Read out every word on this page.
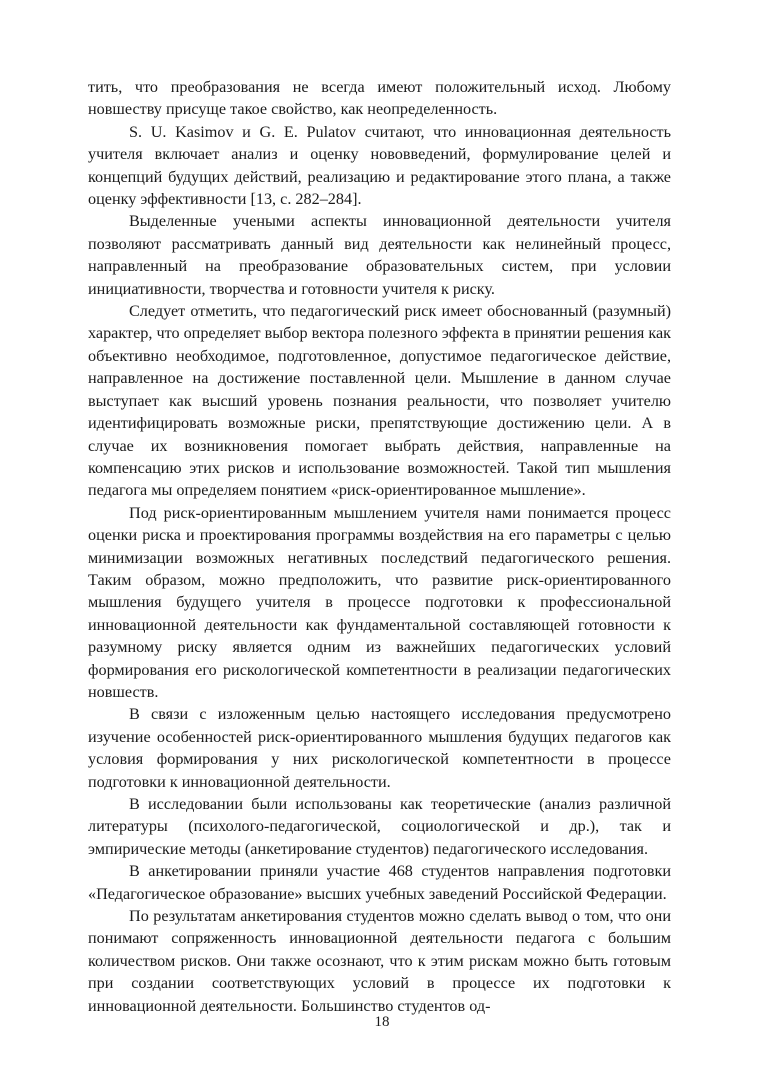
тить, что преобразования не всегда имеют положительный исход. Любому новшеству присуще такое свойство, как неопределенность.

S. U. Kasimov и G. E. Pulatov считают, что инновационная деятельность учителя включает анализ и оценку нововведений, формулирование целей и концепций будущих действий, реализацию и редактирование этого плана, а также оценку эффективности [13, с. 282–284].

Выделенные учеными аспекты инновационной деятельности учителя позволяют рассматривать данный вид деятельности как нелинейный процесс, направленный на преобразование образовательных систем, при условии инициативности, творчества и готовности учителя к риску.

Следует отметить, что педагогический риск имеет обоснованный (разумный) характер, что определяет выбор вектора полезного эффекта в принятии решения как объективно необходимое, подготовленное, допустимое педагогическое действие, направленное на достижение поставленной цели. Мышление в данном случае выступает как высший уровень познания реальности, что позволяет учителю идентифицировать возможные риски, препятствующие достижению цели. А в случае их возникновения помогает выбрать действия, направленные на компенсацию этих рисков и использование возможностей. Такой тип мышления педагога мы определяем понятием «риск-ориентированное мышление».

Под риск-ориентированным мышлением учителя нами понимается процесс оценки риска и проектирования программы воздействия на его параметры с целью минимизации возможных негативных последствий педагогического решения. Таким образом, можно предположить, что развитие риск-ориентированного мышления будущего учителя в процессе подготовки к профессиональной инновационной деятельности как фундаментальной составляющей готовности к разумному риску является одним из важнейших педагогических условий формирования его рискологической компетентности в реализации педагогических новшеств.

В связи с изложенным целью настоящего исследования предусмотрено изучение особенностей риск-ориентированного мышления будущих педагогов как условия формирования у них рискологической компетентности в процессе подготовки к инновационной деятельности.

В исследовании были использованы как теоретические (анализ различной литературы (психолого-педагогической, социологической и др.), так и эмпирические методы (анкетирование студентов) педагогического исследования.

В анкетировании приняли участие 468 студентов направления подготовки «Педагогическое образование» высших учебных заведений Российской Федерации.

По результатам анкетирования студентов можно сделать вывод о том, что они понимают сопряженность инновационной деятельности педагога с большим количеством рисков. Они также осознают, что к этим рискам можно быть готовым при создании соответствующих условий в процессе их подготовки к инновационной деятельности. Большинство студентов од-

18
